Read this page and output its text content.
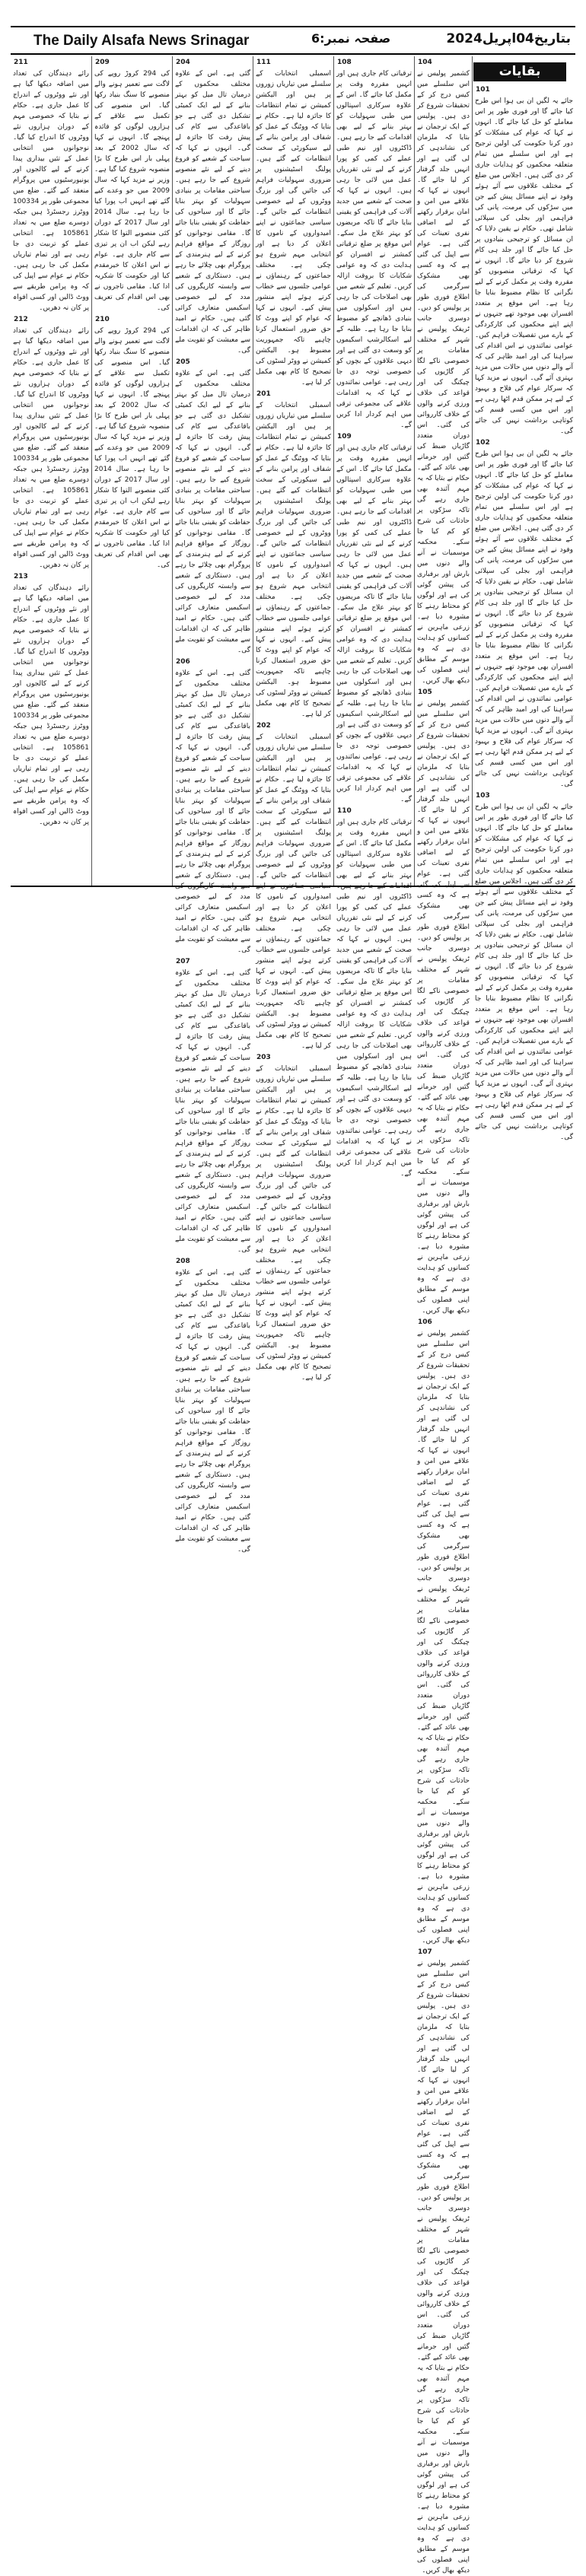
The Daily Alsafa News Srinagar	صفحہ نمبر:6	بتاریخ04اپریل2024
بقایات
101

جائے یہ لگیں ان بی ہوا اس طرح کیا جائے گا اور فوری طور پر اس معاملے کو حل کیا جائے گا۔ انہوں نے کہا کہ عوام کی مشکلات کو دور کرنا حکومت کی اولین ترجیح ہے اور اس سلسلے میں تمام متعلقہ محکموں کو ہدایات جاری کر دی گئی ہیں۔ اجلاس میں ضلع کے مختلف علاقوں سے آئے ہوئے وفود نے اپنے مسائل پیش کیے جن میں سڑکوں کی مرمت، پانی کی فراہمی اور بجلی کی سپلائی شامل تھی۔ حکام نے یقین دلایا کہ ان مسائل کو ترجیحی بنیادوں پر حل کیا جائے گا اور جلد ہی کام شروع کر دیا جائے گا۔ انہوں نے کہا کہ ترقیاتی منصوبوں کو مقررہ وقت پر مکمل کرنے کے لیے نگرانی کا نظام مضبوط بنایا جا رہا ہے۔ اس موقع پر متعدد افسران بھی موجود تھے جنہوں نے اپنے اپنے محکموں کی کارکردگی کے بارے میں تفصیلات فراہم کیں۔ عوامی نمائندوں نے اس اقدام کی سراہنا کی اور امید ظاہر کی کہ آنے والے دنوں میں حالات میں مزید بہتری آئے گی۔ انہوں نے مزید کہا کہ سرکار عوام کی فلاح و بہبود کے لیے ہر ممکن قدم اٹھا رہی ہے اور اس میں کسی قسم کی کوتاہی برداشت نہیں کی جائے گی۔

102

جائے یہ لگیں ان بی ہوا اس طرح کیا جائے گا اور فوری طور پر اس معاملے کو حل کیا جائے گا۔ انہوں نے کہا کہ عوام کی مشکلات کو دور کرنا حکومت کی اولین ترجیح ہے اور اس سلسلے میں تمام متعلقہ محکموں کو ہدایات جاری کر دی گئی ہیں۔ اجلاس میں ضلع کے مختلف علاقوں سے آئے ہوئے وفود نے اپنے مسائل پیش کیے جن میں سڑکوں کی مرمت، پانی کی فراہمی اور بجلی کی سپلائی شامل تھی۔ حکام نے یقین دلایا کہ ان مسائل کو ترجیحی بنیادوں پر حل کیا جائے گا اور جلد ہی کام شروع کر دیا جائے گا۔ انہوں نے کہا کہ ترقیاتی منصوبوں کو مقررہ وقت پر مکمل کرنے کے لیے نگرانی کا نظام مضبوط بنایا جا رہا ہے۔ اس موقع پر متعدد افسران بھی موجود تھے جنہوں نے اپنے اپنے محکموں کی کارکردگی کے بارے میں تفصیلات فراہم کیں۔ عوامی نمائندوں نے اس اقدام کی سراہنا کی اور امید ظاہر کی کہ آنے والے دنوں میں حالات میں مزید بہتری آئے گی۔ انہوں نے مزید کہا کہ سرکار عوام کی فلاح و بہبود کے لیے ہر ممکن قدم اٹھا رہی ہے اور اس میں کسی قسم کی کوتاہی برداشت نہیں کی جائے گی۔

103

جائے یہ لگیں ان بی ہوا اس طرح کیا جائے گا اور فوری طور پر اس معاملے کو حل کیا جائے گا۔ انہوں نے کہا کہ عوام کی مشکلات کو دور کرنا حکومت کی اولین ترجیح ہے اور اس سلسلے میں تمام متعلقہ محکموں کو ہدایات جاری کر دی گئی ہیں۔ اجلاس میں ضلع کے مختلف علاقوں سے آئے ہوئے وفود نے اپنے مسائل پیش کیے جن میں سڑکوں کی مرمت، پانی کی فراہمی اور بجلی کی سپلائی شامل تھی۔ حکام نے یقین دلایا کہ ان مسائل کو ترجیحی بنیادوں پر حل کیا جائے گا اور جلد ہی کام شروع کر دیا جائے گا۔ انہوں نے کہا کہ ترقیاتی منصوبوں کو مقررہ وقت پر مکمل کرنے کے لیے نگرانی کا نظام مضبوط بنایا جا رہا ہے۔ اس موقع پر متعدد افسران بھی موجود تھے جنہوں نے اپنے اپنے محکموں کی کارکردگی کے بارے میں تفصیلات فراہم کیں۔ عوامی نمائندوں نے اس اقدام کی سراہنا کی اور امید ظاہر کی کہ آنے والے دنوں میں حالات میں مزید بہتری آئے گی۔ انہوں نے مزید کہا کہ سرکار عوام کی فلاح و بہبود کے لیے ہر ممکن قدم اٹھا رہی ہے اور اس میں کسی قسم کی کوتاہی برداشت نہیں کی جائے گی۔

104

کشمیر پولیس نے اس سلسلے میں کیس درج کر کے تحقیقات شروع کر دی ہیں۔ پولیس کے ایک ترجمان نے بتایا کہ ملزمان کی نشاندہی کر لی گئی ہے اور انہیں جلد گرفتار کر لیا جائے گا۔ انہوں نے کہا کہ علاقے میں امن و امان برقرار رکھنے کے لیے اضافی نفری تعینات کی گئی ہے۔ عوام سے اپیل کی گئی ہے کہ وہ کسی بھی مشکوک سرگرمی کی اطلاع فوری طور پر پولیس کو دیں۔ دوسری جانب ٹریفک پولیس نے شہر کے مختلف مقامات پر خصوصی ناکے لگا کر گاڑیوں کی چیکنگ کی اور قواعد کی خلاف ورزی کرنے والوں کے خلاف کارروائی کی گئی۔ اس دوران متعدد گاڑیاں ضبط کی گئیں اور جرمانے بھی عائد کیے گئے۔ حکام نے بتایا کہ یہ مہم آئندہ بھی جاری رہے گی تاکہ سڑکوں پر حادثات کی شرح کو کم کیا جا سکے۔ محکمہ موسمیات نے آنے والے دنوں میں بارش اور برفباری کی پیشن گوئی کی ہے اور لوگوں کو محتاط رہنے کا مشورہ دیا ہے۔ زرعی ماہرین نے کسانوں کو ہدایت دی ہے کہ وہ موسم کے مطابق اپنی فصلوں کی دیکھ بھال کریں۔

105

کشمیر پولیس نے اس سلسلے میں کیس درج کر کے تحقیقات شروع کر دی ہیں۔ پولیس کے ایک ترجمان نے بتایا کہ ملزمان کی نشاندہی کر لی گئی ہے اور انہیں جلد گرفتار کر لیا جائے گا۔ انہوں نے کہا کہ علاقے میں امن و امان برقرار رکھنے کے لیے اضافی نفری تعینات کی گئی ہے۔ عوام سے اپیل کی گئی ہے کہ وہ کسی بھی مشکوک سرگرمی کی اطلاع فوری طور پر پولیس کو دیں۔ دوسری جانب ٹریفک پولیس نے شہر کے مختلف مقامات پر خصوصی ناکے لگا کر گاڑیوں کی چیکنگ کی اور قواعد کی خلاف ورزی کرنے والوں کے خلاف کارروائی کی گئی۔ اس دوران متعدد گاڑیاں ضبط کی گئیں اور جرمانے بھی عائد کیے گئے۔ حکام نے بتایا کہ یہ مہم آئندہ بھی جاری رہے گی تاکہ سڑکوں پر حادثات کی شرح کو کم کیا جا سکے۔ محکمہ موسمیات نے آنے والے دنوں میں بارش اور برفباری کی پیشن گوئی کی ہے اور لوگوں کو محتاط رہنے کا مشورہ دیا ہے۔ زرعی ماہرین نے کسانوں کو ہدایت دی ہے کہ وہ موسم کے مطابق اپنی فصلوں کی دیکھ بھال کریں۔

106

کشمیر پولیس نے اس سلسلے میں کیس درج کر کے تحقیقات شروع کر دی ہیں۔ پولیس کے ایک ترجمان نے بتایا کہ ملزمان کی نشاندہی کر لی گئی ہے اور انہیں جلد گرفتار کر لیا جائے گا۔ انہوں نے کہا کہ علاقے میں امن و امان برقرار رکھنے کے لیے اضافی نفری تعینات کی گئی ہے۔ عوام سے اپیل کی گئی ہے کہ وہ کسی بھی مشکوک سرگرمی کی اطلاع فوری طور پر پولیس کو دیں۔ دوسری جانب ٹریفک پولیس نے شہر کے مختلف مقامات پر خصوصی ناکے لگا کر گاڑیوں کی چیکنگ کی اور قواعد کی خلاف ورزی کرنے والوں کے خلاف کارروائی کی گئی۔ اس دوران متعدد گاڑیاں ضبط کی گئیں اور جرمانے بھی عائد کیے گئے۔ حکام نے بتایا کہ یہ مہم آئندہ بھی جاری رہے گی تاکہ سڑکوں پر حادثات کی شرح کو کم کیا جا سکے۔ محکمہ موسمیات نے آنے والے دنوں میں بارش اور برفباری کی پیشن گوئی کی ہے اور لوگوں کو محتاط رہنے کا مشورہ دیا ہے۔ زرعی ماہرین نے کسانوں کو ہدایت دی ہے کہ وہ موسم کے مطابق اپنی فصلوں کی دیکھ بھال کریں۔

107

کشمیر پولیس نے اس سلسلے میں کیس درج کر کے تحقیقات شروع کر دی ہیں۔ پولیس کے ایک ترجمان نے بتایا کہ ملزمان کی نشاندہی کر لی گئی ہے اور انہیں جلد گرفتار کر لیا جائے گا۔ انہوں نے کہا کہ علاقے میں امن و امان برقرار رکھنے کے لیے اضافی نفری تعینات کی گئی ہے۔ عوام سے اپیل کی گئی ہے کہ وہ کسی بھی مشکوک سرگرمی کی اطلاع فوری طور پر پولیس کو دیں۔ دوسری جانب ٹریفک پولیس نے شہر کے مختلف مقامات پر خصوصی ناکے لگا کر گاڑیوں کی چیکنگ کی اور قواعد کی خلاف ورزی کرنے والوں کے خلاف کارروائی کی گئی۔ اس دوران متعدد گاڑیاں ضبط کی گئیں اور جرمانے بھی عائد کیے گئے۔ حکام نے بتایا کہ یہ مہم آئندہ بھی جاری رہے گی تاکہ سڑکوں پر حادثات کی شرح کو کم کیا جا سکے۔ محکمہ موسمیات نے آنے والے دنوں میں بارش اور برفباری کی پیشن گوئی کی ہے اور لوگوں کو محتاط رہنے کا مشورہ دیا ہے۔ زرعی ماہرین نے کسانوں کو ہدایت دی ہے کہ وہ موسم کے مطابق اپنی فصلوں کی دیکھ بھال کریں۔

108

ترقیاتی کام جاری ہیں اور انہیں مقررہ وقت پر مکمل کیا جائے گا۔ اس کے علاوہ سرکاری اسپتالوں میں طبی سہولیات کو بہتر بنانے کے لیے بھی اقدامات کیے جا رہے ہیں۔ ڈاکٹروں اور نیم طبی عملے کی کمی کو پورا کرنے کے لیے نئی تقرریاں عمل میں لائی جا رہی ہیں۔ انہوں نے کہا کہ صحت کے شعبے میں جدید آلات کی فراہمی کو یقینی بنایا جائے گا تاکہ مریضوں کو بہتر علاج مل سکے۔ اس موقع پر ضلع ترقیاتی کمشنر نے افسران کو ہدایت دی کہ وہ عوامی شکایات کا بروقت ازالہ کریں۔ تعلیم کے شعبے میں بھی اصلاحات کی جا رہی ہیں اور اسکولوں میں بنیادی ڈھانچے کو مضبوط بنایا جا رہا ہے۔ طلبہ کے لیے اسکالرشپ اسکیموں کو وسعت دی گئی ہے اور دیہی علاقوں کے بچوں کو خصوصی توجہ دی جا رہی ہے۔ عوامی نمائندوں نے کہا کہ یہ اقدامات علاقے کی مجموعی ترقی میں اہم کردار ادا کریں گے۔

109

ترقیاتی کام جاری ہیں اور انہیں مقررہ وقت پر مکمل کیا جائے گا۔ اس کے علاوہ سرکاری اسپتالوں میں طبی سہولیات کو بہتر بنانے کے لیے بھی اقدامات کیے جا رہے ہیں۔ ڈاکٹروں اور نیم طبی عملے کی کمی کو پورا کرنے کے لیے نئی تقرریاں عمل میں لائی جا رہی ہیں۔ انہوں نے کہا کہ صحت کے شعبے میں جدید آلات کی فراہمی کو یقینی بنایا جائے گا تاکہ مریضوں کو بہتر علاج مل سکے۔ اس موقع پر ضلع ترقیاتی کمشنر نے افسران کو ہدایت دی کہ وہ عوامی شکایات کا بروقت ازالہ کریں۔ تعلیم کے شعبے میں بھی اصلاحات کی جا رہی ہیں اور اسکولوں میں بنیادی ڈھانچے کو مضبوط بنایا جا رہا ہے۔ طلبہ کے لیے اسکالرشپ اسکیموں کو وسعت دی گئی ہے اور دیہی علاقوں کے بچوں کو خصوصی توجہ دی جا رہی ہے۔ عوامی نمائندوں نے کہا کہ یہ اقدامات علاقے کی مجموعی ترقی میں اہم کردار ادا کریں گے۔

110

ترقیاتی کام جاری ہیں اور انہیں مقررہ وقت پر مکمل کیا جائے گا۔ اس کے علاوہ سرکاری اسپتالوں میں طبی سہولیات کو بہتر بنانے کے لیے بھی اقدامات کیے جا رہے ہیں۔ ڈاکٹروں اور نیم طبی عملے کی کمی کو پورا کرنے کے لیے نئی تقرریاں عمل میں لائی جا رہی ہیں۔ انہوں نے کہا کہ صحت کے شعبے میں جدید آلات کی فراہمی کو یقینی بنایا جائے گا تاکہ مریضوں کو بہتر علاج مل سکے۔ اس موقع پر ضلع ترقیاتی کمشنر نے افسران کو ہدایت دی کہ وہ عوامی شکایات کا بروقت ازالہ کریں۔ تعلیم کے شعبے میں بھی اصلاحات کی جا رہی ہیں اور اسکولوں میں بنیادی ڈھانچے کو مضبوط بنایا جا رہا ہے۔ طلبہ کے لیے اسکالرشپ اسکیموں کو وسعت دی گئی ہے اور دیہی علاقوں کے بچوں کو خصوصی توجہ دی جا رہی ہے۔ عوامی نمائندوں نے کہا کہ یہ اقدامات علاقے کی مجموعی ترقی میں اہم کردار ادا کریں گے۔

111

اسمبلی انتخابات کے سلسلے میں تیاریاں زوروں پر ہیں اور الیکشن کمیشن نے تمام انتظامات کا جائزہ لیا ہے۔ حکام نے بتایا کہ ووٹنگ کے عمل کو شفاف اور پرامن بنانے کے لیے سیکورٹی کے سخت انتظامات کیے گئے ہیں۔ پولنگ اسٹیشنوں پر ضروری سہولیات فراہم کی جائیں گی اور بزرگ ووٹروں کے لیے خصوصی انتظامات کیے جائیں گے۔ سیاسی جماعتوں نے اپنے امیدواروں کے ناموں کا اعلان کر دیا ہے اور انتخابی مہم شروع ہو چکی ہے۔ مختلف جماعتوں کے رہنماؤں نے عوامی جلسوں سے خطاب کرتے ہوئے اپنے منشور پیش کیے۔ انہوں نے کہا کہ عوام کو اپنے ووٹ کا حق ضرور استعمال کرنا چاہیے تاکہ جمہوریت مضبوط ہو۔ الیکشن کمیشن نے ووٹر لسٹوں کی تصحیح کا کام بھی مکمل کر لیا ہے۔

201

اسمبلی انتخابات کے سلسلے میں تیاریاں زوروں پر ہیں اور الیکشن کمیشن نے تمام انتظامات کا جائزہ لیا ہے۔ حکام نے بتایا کہ ووٹنگ کے عمل کو شفاف اور پرامن بنانے کے لیے سیکورٹی کے سخت انتظامات کیے گئے ہیں۔ پولنگ اسٹیشنوں پر ضروری سہولیات فراہم کی جائیں گی اور بزرگ ووٹروں کے لیے خصوصی انتظامات کیے جائیں گے۔ سیاسی جماعتوں نے اپنے امیدواروں کے ناموں کا اعلان کر دیا ہے اور انتخابی مہم شروع ہو چکی ہے۔ مختلف جماعتوں کے رہنماؤں نے عوامی جلسوں سے خطاب کرتے ہوئے اپنے منشور پیش کیے۔ انہوں نے کہا کہ عوام کو اپنے ووٹ کا حق ضرور استعمال کرنا چاہیے تاکہ جمہوریت مضبوط ہو۔ الیکشن کمیشن نے ووٹر لسٹوں کی تصحیح کا کام بھی مکمل کر لیا ہے۔

202

اسمبلی انتخابات کے سلسلے میں تیاریاں زوروں پر ہیں اور الیکشن کمیشن نے تمام انتظامات کا جائزہ لیا ہے۔ حکام نے بتایا کہ ووٹنگ کے عمل کو شفاف اور پرامن بنانے کے لیے سیکورٹی کے سخت انتظامات کیے گئے ہیں۔ پولنگ اسٹیشنوں پر ضروری سہولیات فراہم کی جائیں گی اور بزرگ ووٹروں کے لیے خصوصی انتظامات کیے جائیں گے۔ سیاسی جماعتوں نے اپنے امیدواروں کے ناموں کا اعلان کر دیا ہے اور انتخابی مہم شروع ہو چکی ہے۔ مختلف جماعتوں کے رہنماؤں نے عوامی جلسوں سے خطاب کرتے ہوئے اپنے منشور پیش کیے۔ انہوں نے کہا کہ عوام کو اپنے ووٹ کا حق ضرور استعمال کرنا چاہیے تاکہ جمہوریت مضبوط ہو۔ الیکشن کمیشن نے ووٹر لسٹوں کی تصحیح کا کام بھی مکمل کر لیا ہے۔

203

اسمبلی انتخابات کے سلسلے میں تیاریاں زوروں پر ہیں اور الیکشن کمیشن نے تمام انتظامات کا جائزہ لیا ہے۔ حکام نے بتایا کہ ووٹنگ کے عمل کو شفاف اور پرامن بنانے کے لیے سیکورٹی کے سخت انتظامات کیے گئے ہیں۔ پولنگ اسٹیشنوں پر ضروری سہولیات فراہم کی جائیں گی اور بزرگ ووٹروں کے لیے خصوصی انتظامات کیے جائیں گے۔ سیاسی جماعتوں نے اپنے امیدواروں کے ناموں کا اعلان کر دیا ہے اور انتخابی مہم شروع ہو چکی ہے۔ مختلف جماعتوں کے رہنماؤں نے عوامی جلسوں سے خطاب کرتے ہوئے اپنے منشور پیش کیے۔ انہوں نے کہا کہ عوام کو اپنے ووٹ کا حق ضرور استعمال کرنا چاہیے تاکہ جمہوریت مضبوط ہو۔ الیکشن کمیشن نے ووٹر لسٹوں کی تصحیح کا کام بھی مکمل کر لیا ہے۔

204

گئی ہے۔ اس کے علاوہ مختلف محکموں کے درمیان تال میل کو بہتر بنانے کے لیے ایک کمیٹی تشکیل دی گئی ہے جو باقاعدگی سے کام کی پیش رفت کا جائزہ لے گی۔ انہوں نے کہا کہ سیاحت کے شعبے کو فروغ دینے کے لیے نئے منصوبے شروع کیے جا رہے ہیں۔ سیاحتی مقامات پر بنیادی سہولیات کو بہتر بنایا جائے گا اور سیاحوں کی حفاظت کو یقینی بنایا جائے گا۔ مقامی نوجوانوں کو روزگار کے مواقع فراہم کرنے کے لیے ہنرمندی کے پروگرام بھی چلائے جا رہے ہیں۔ دستکاری کے شعبے سے وابستہ کاریگروں کی مدد کے لیے خصوصی اسکیمیں متعارف کرائی گئی ہیں۔ حکام نے امید ظاہر کی کہ ان اقدامات سے معیشت کو تقویت ملے گی۔

205

گئی ہے۔ اس کے علاوہ مختلف محکموں کے درمیان تال میل کو بہتر بنانے کے لیے ایک کمیٹی تشکیل دی گئی ہے جو باقاعدگی سے کام کی پیش رفت کا جائزہ لے گی۔ انہوں نے کہا کہ سیاحت کے شعبے کو فروغ دینے کے لیے نئے منصوبے شروع کیے جا رہے ہیں۔ سیاحتی مقامات پر بنیادی سہولیات کو بہتر بنایا جائے گا اور سیاحوں کی حفاظت کو یقینی بنایا جائے گا۔ مقامی نوجوانوں کو روزگار کے مواقع فراہم کرنے کے لیے ہنرمندی کے پروگرام بھی چلائے جا رہے ہیں۔ دستکاری کے شعبے سے وابستہ کاریگروں کی مدد کے لیے خصوصی اسکیمیں متعارف کرائی گئی ہیں۔ حکام نے امید ظاہر کی کہ ان اقدامات سے معیشت کو تقویت ملے گی۔

206

گئی ہے۔ اس کے علاوہ مختلف محکموں کے درمیان تال میل کو بہتر بنانے کے لیے ایک کمیٹی تشکیل دی گئی ہے جو باقاعدگی سے کام کی پیش رفت کا جائزہ لے گی۔ انہوں نے کہا کہ سیاحت کے شعبے کو فروغ دینے کے لیے نئے منصوبے شروع کیے جا رہے ہیں۔ سیاحتی مقامات پر بنیادی سہولیات کو بہتر بنایا جائے گا اور سیاحوں کی حفاظت کو یقینی بنایا جائے گا۔ مقامی نوجوانوں کو روزگار کے مواقع فراہم کرنے کے لیے ہنرمندی کے پروگرام بھی چلائے جا رہے ہیں۔ دستکاری کے شعبے سے وابستہ کاریگروں کی مدد کے لیے خصوصی اسکیمیں متعارف کرائی گئی ہیں۔ حکام نے امید ظاہر کی کہ ان اقدامات سے معیشت کو تقویت ملے گی۔

207

گئی ہے۔ اس کے علاوہ مختلف محکموں کے درمیان تال میل کو بہتر بنانے کے لیے ایک کمیٹی تشکیل دی گئی ہے جو باقاعدگی سے کام کی پیش رفت کا جائزہ لے گی۔ انہوں نے کہا کہ سیاحت کے شعبے کو فروغ دینے کے لیے نئے منصوبے شروع کیے جا رہے ہیں۔ سیاحتی مقامات پر بنیادی سہولیات کو بہتر بنایا جائے گا اور سیاحوں کی حفاظت کو یقینی بنایا جائے گا۔ مقامی نوجوانوں کو روزگار کے مواقع فراہم کرنے کے لیے ہنرمندی کے پروگرام بھی چلائے جا رہے ہیں۔ دستکاری کے شعبے سے وابستہ کاریگروں کی مدد کے لیے خصوصی اسکیمیں متعارف کرائی گئی ہیں۔ حکام نے امید ظاہر کی کہ ان اقدامات سے معیشت کو تقویت ملے گی۔

208

گئی ہے۔ اس کے علاوہ مختلف محکموں کے درمیان تال میل کو بہتر بنانے کے لیے ایک کمیٹی تشکیل دی گئی ہے جو باقاعدگی سے کام کی پیش رفت کا جائزہ لے گی۔ انہوں نے کہا کہ سیاحت کے شعبے کو فروغ دینے کے لیے نئے منصوبے شروع کیے جا رہے ہیں۔ سیاحتی مقامات پر بنیادی سہولیات کو بہتر بنایا جائے گا اور سیاحوں کی حفاظت کو یقینی بنایا جائے گا۔ مقامی نوجوانوں کو روزگار کے مواقع فراہم کرنے کے لیے ہنرمندی کے پروگرام بھی چلائے جا رہے ہیں۔ دستکاری کے شعبے سے وابستہ کاریگروں کی مدد کے لیے خصوصی اسکیمیں متعارف کرائی گئی ہیں۔ حکام نے امید ظاہر کی کہ ان اقدامات سے معیشت کو تقویت ملے گی۔

209

کی 294 کروڑ روپے کی لاگت سے تعمیر ہونے والے منصوبے کا سنگ بنیاد رکھا گیا۔ اس منصوبے کی تکمیل سے علاقے کے ہزاروں لوگوں کو فائدہ پہنچے گا۔ انہوں نے کہا کہ سال 2002 کے بعد پہلی بار اس طرح کا بڑا منصوبہ شروع کیا گیا ہے۔ وزیر نے مزید کہا کہ سال 2009 میں جو وعدے کیے گئے تھے انہیں اب پورا کیا جا رہا ہے۔ سال 2014 اور سال 2017 کے دوران کئی منصوبے التوا کا شکار رہے لیکن اب ان پر تیزی سے کام جاری ہے۔ عوام نے اس اعلان کا خیرمقدم کیا اور حکومت کا شکریہ ادا کیا۔ مقامی تاجروں نے بھی اس اقدام کی تعریف کی۔

210

کی 294 کروڑ روپے کی لاگت سے تعمیر ہونے والے منصوبے کا سنگ بنیاد رکھا گیا۔ اس منصوبے کی تکمیل سے علاقے کے ہزاروں لوگوں کو فائدہ پہنچے گا۔ انہوں نے کہا کہ سال 2002 کے بعد پہلی بار اس طرح کا بڑا منصوبہ شروع کیا گیا ہے۔ وزیر نے مزید کہا کہ سال 2009 میں جو وعدے کیے گئے تھے انہیں اب پورا کیا جا رہا ہے۔ سال 2014 اور سال 2017 کے دوران کئی منصوبے التوا کا شکار رہے لیکن اب ان پر تیزی سے کام جاری ہے۔ عوام نے اس اعلان کا خیرمقدم کیا اور حکومت کا شکریہ ادا کیا۔ مقامی تاجروں نے بھی اس اقدام کی تعریف کی۔

211

رائے دہندگان کی تعداد میں اضافہ دیکھا گیا ہے اور نئے ووٹروں کے اندراج کا عمل جاری ہے۔ حکام نے بتایا کہ خصوصی مہم کے دوران ہزاروں نئے ووٹروں کا اندراج کیا گیا۔ نوجوانوں میں انتخابی عمل کے تئیں بیداری پیدا کرنے کے لیے کالجوں اور یونیورسٹیوں میں پروگرام منعقد کیے گئے۔ ضلع میں مجموعی طور پر 100334 ووٹرز رجسٹرڈ ہیں جبکہ دوسرے ضلع میں یہ تعداد 105861 ہے۔ انتخابی عملے کو تربیت دی جا رہی ہے اور تمام تیاریاں مکمل کی جا رہی ہیں۔ حکام نے عوام سے اپیل کی کہ وہ پرامن طریقے سے ووٹ ڈالیں اور کسی افواہ پر کان نہ دھریں۔

212

رائے دہندگان کی تعداد میں اضافہ دیکھا گیا ہے اور نئے ووٹروں کے اندراج کا عمل جاری ہے۔ حکام نے بتایا کہ خصوصی مہم کے دوران ہزاروں نئے ووٹروں کا اندراج کیا گیا۔ نوجوانوں میں انتخابی عمل کے تئیں بیداری پیدا کرنے کے لیے کالجوں اور یونیورسٹیوں میں پروگرام منعقد کیے گئے۔ ضلع میں مجموعی طور پر 100334 ووٹرز رجسٹرڈ ہیں جبکہ دوسرے ضلع میں یہ تعداد 105861 ہے۔ انتخابی عملے کو تربیت دی جا رہی ہے اور تمام تیاریاں مکمل کی جا رہی ہیں۔ حکام نے عوام سے اپیل کی کہ وہ پرامن طریقے سے ووٹ ڈالیں اور کسی افواہ پر کان نہ دھریں۔

213

رائے دہندگان کی تعداد میں اضافہ دیکھا گیا ہے اور نئے ووٹروں کے اندراج کا عمل جاری ہے۔ حکام نے بتایا کہ خصوصی مہم کے دوران ہزاروں نئے ووٹروں کا اندراج کیا گیا۔ نوجوانوں میں انتخابی عمل کے تئیں بیداری پیدا کرنے کے لیے کالجوں اور یونیورسٹیوں میں پروگرام منعقد کیے گئے۔ ضلع میں مجموعی طور پر 100334 ووٹرز رجسٹرڈ ہیں جبکہ دوسرے ضلع میں یہ تعداد 105861 ہے۔ انتخابی عملے کو تربیت دی جا رہی ہے اور تمام تیاریاں مکمل کی جا رہی ہیں۔ حکام نے عوام سے اپیل کی کہ وہ پرامن طریقے سے ووٹ ڈالیں اور کسی افواہ پر کان نہ دھریں۔
